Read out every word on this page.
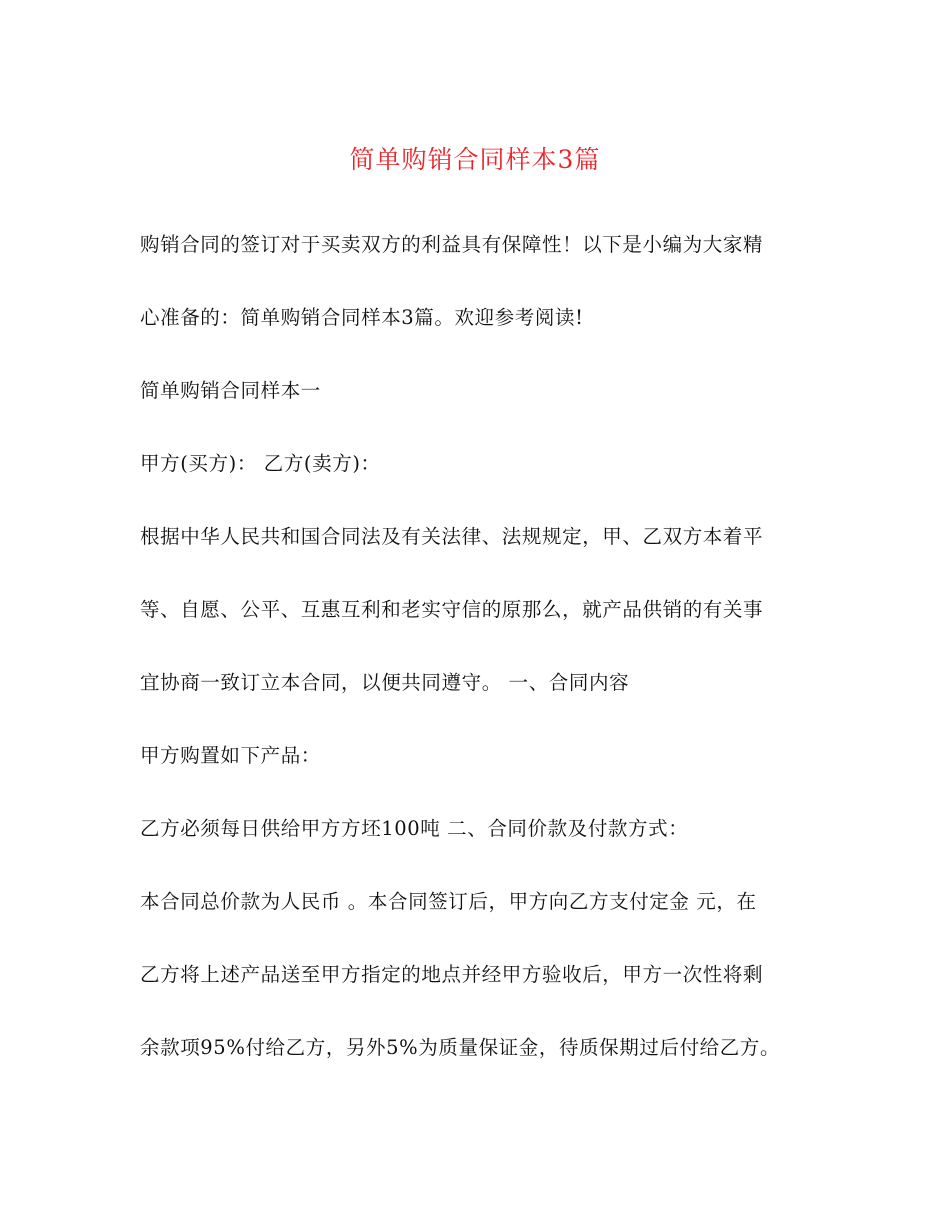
简单购销合同样本3篇
购销合同的签订对于买卖双方的利益具有保障性！以下是小编为大家精
心准备的：简单购销合同样本3篇。欢迎参考阅读!
简单购销合同样本一
甲方(买方)： 乙方(卖方)：
根据中华人民共和国合同法及有关法律、法规规定，甲、乙双方本着平
等、自愿、公平、互惠互利和老实守信的原那么，就产品供销的有关事
宜协商一致订立本合同，以便共同遵守。 一、合同内容
甲方购置如下产品：
乙方必须每日供给甲方方坯100吨 二、合同价款及付款方式：
本合同总价款为人民币 。本合同签订后，甲方向乙方支付定金 元，在
乙方将上述产品送至甲方指定的地点并经甲方验收后，甲方一次性将剩
余款项95%付给乙方，另外5%为质量保证金，待质保期过后付给乙方。
